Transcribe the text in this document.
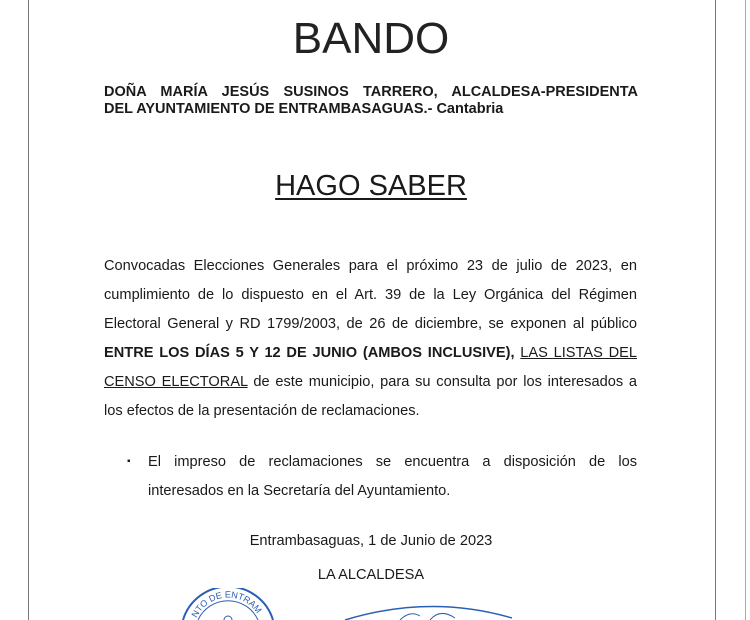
BANDO
DOÑA MARÍA JESÚS SUSINOS TARRERO, ALCALDESA-PRESIDENTA
DEL AYUNTAMIENTO DE ENTRAMBASAGUAS.- Cantabria
HAGO SABER
Convocadas Elecciones Generales para el próximo 23 de julio de 2023, en
cumplimiento de lo dispuesto en el Art. 39 de la Ley Orgánica del Régimen
Electoral General y RD 1799/2003, de 26 de diciembre, se exponen al público
ENTRE LOS DÍAS 5 Y 12 DE JUNIO (AMBOS INCLUSIVE), LAS LISTAS DEL
CENSO ELECTORAL de este municipio, para su consulta por los interesados a
los efectos de la presentación de reclamaciones.
▪ El impreso de reclamaciones se encuentra a disposición de los
interesados en la Secretaría del Ayuntamiento.
Entrambasaguas, 1 de Junio de 2023
LA ALCALDESA
NTO DE ENTRAM
